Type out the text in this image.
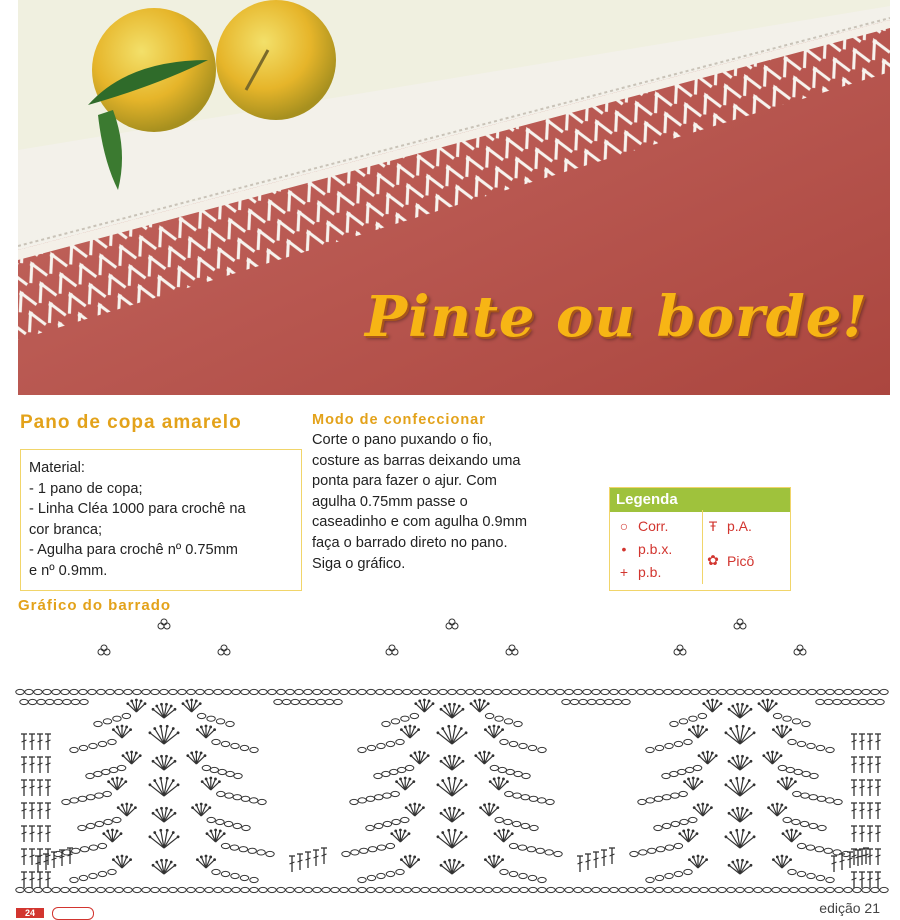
Pinte ou borde!
Pano de copa amarelo
Material:
- 1 pano de copa;
- Linha Cléa 1000 para crochê na
cor branca;
- Agulha para crochê nº 0.75mm
e nº 0.9mm.
Modo de confeccionar
Corte o pano puxando o fio,
costure as barras deixando uma
ponta para fazer o ajur. Com
agulha 0.75mm passe o
caseadinho e com agulha 0.9mm
faça o barrado direto no pano.
Siga o gráfico.
Legenda
○ Corr.
• p.b.x.
+ p.b.
Ŧ p.A.
✿ Picô
Gráfico do barrado
24	edição 21
